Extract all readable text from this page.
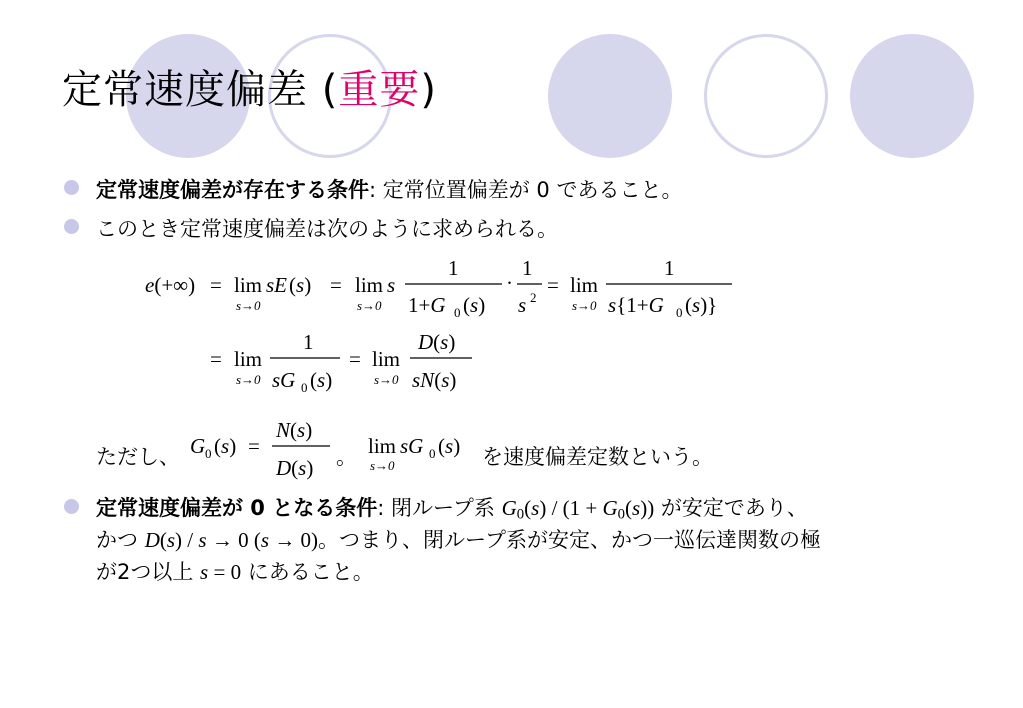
定常速度偏差 (重要)
定常速度偏差が存在する条件: 定常位置偏差が 0 であること。
このとき定常速度偏差は次のように求められる。
e(+∞) = lim
s→0
sE (s) = lim
s→0
s
1
1+G 0 (s)
·
1
s 2
= lim
s→0
1
s{1+G 0 (s)}
= lim
s→0
1
sG 0 (s)
= lim
s→0
D(s)
sN(s)
G 0 (s) =
N(s)
D(s)
lim
s→0
sG 0 (s)
ただし、	。	を速度偏差定数という。
定常速度偏差が 0 となる条件: 閉ループ系 $G_0(s) / (1 + G_0(s))$ が安定であり、
かつ D(s) / s → 0 (s → 0)。つまり、閉ループ系が安定、かつ一巡伝達関数の極
が2つ以上 s = 0 にあること。
